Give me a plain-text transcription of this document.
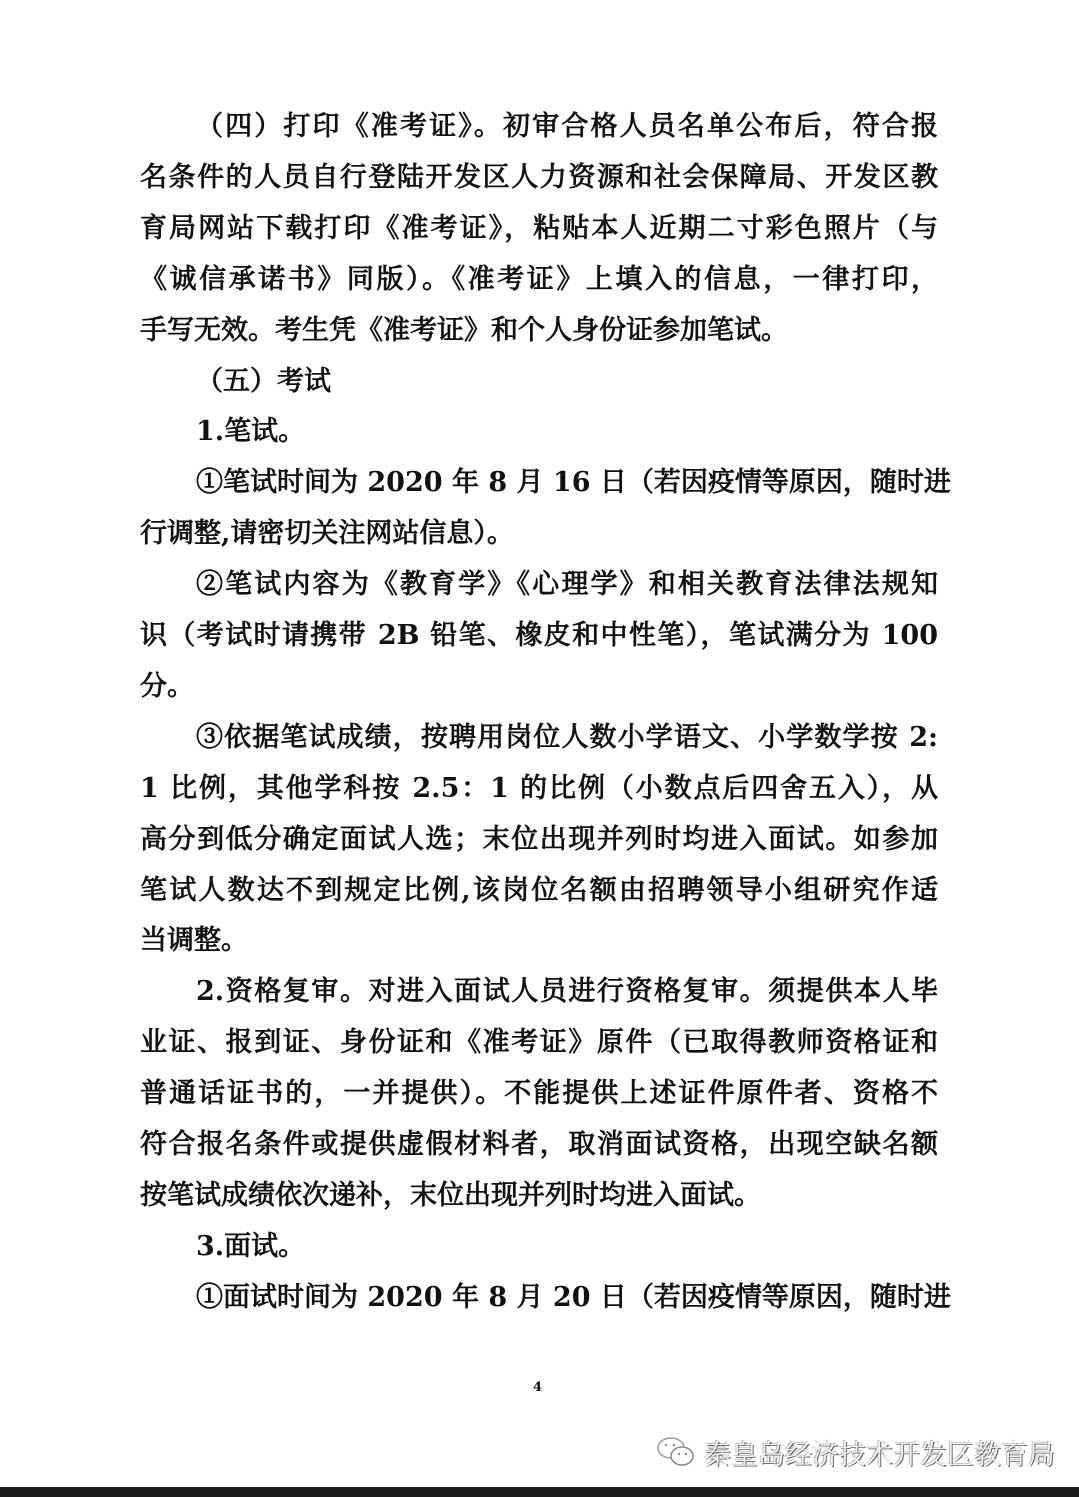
（四）打印《准考证》。初审合格人员名单公布后，符合报
名条件的人员自行登陆开发区人力资源和社会保障局、开发区教
育局网站下载打印《准考证》，粘贴本人近期二寸彩色照片（与
《诚信承诺书》同版）。《准考证》上填入的信息，一律打印，
手写无效。考生凭《准考证》和个人身份证参加笔试。
（五）考试
1.笔试。
①笔试时间为 2020 年 8 月 16 日（若因疫情等原因，随时进
行调整,请密切关注网站信息）。
②笔试内容为《教育学》《心理学》和相关教育法律法规知
识（考试时请携带 2B 铅笔、橡皮和中性笔），笔试满分为 100
分。
③依据笔试成绩，按聘用岗位人数小学语文、小学数学按 2:
1 比例，其他学科按 2.5：1 的比例（小数点后四舍五入），从
高分到低分确定面试人选；末位出现并列时均进入面试。如参加
笔试人数达不到规定比例,该岗位名额由招聘领导小组研究作适
当调整。
2.资格复审。对进入面试人员进行资格复审。须提供本人毕
业证、报到证、身份证和《准考证》原件（已取得教师资格证和
普通话证书的，一并提供）。不能提供上述证件原件者、资格不
符合报名条件或提供虚假材料者，取消面试资格，出现空缺名额
按笔试成绩依次递补，末位出现并列时均进入面试。
3.面试。
①面试时间为 2020 年 8 月 20 日（若因疫情等原因，随时进
4
秦皇岛经济技术开发区教育局
